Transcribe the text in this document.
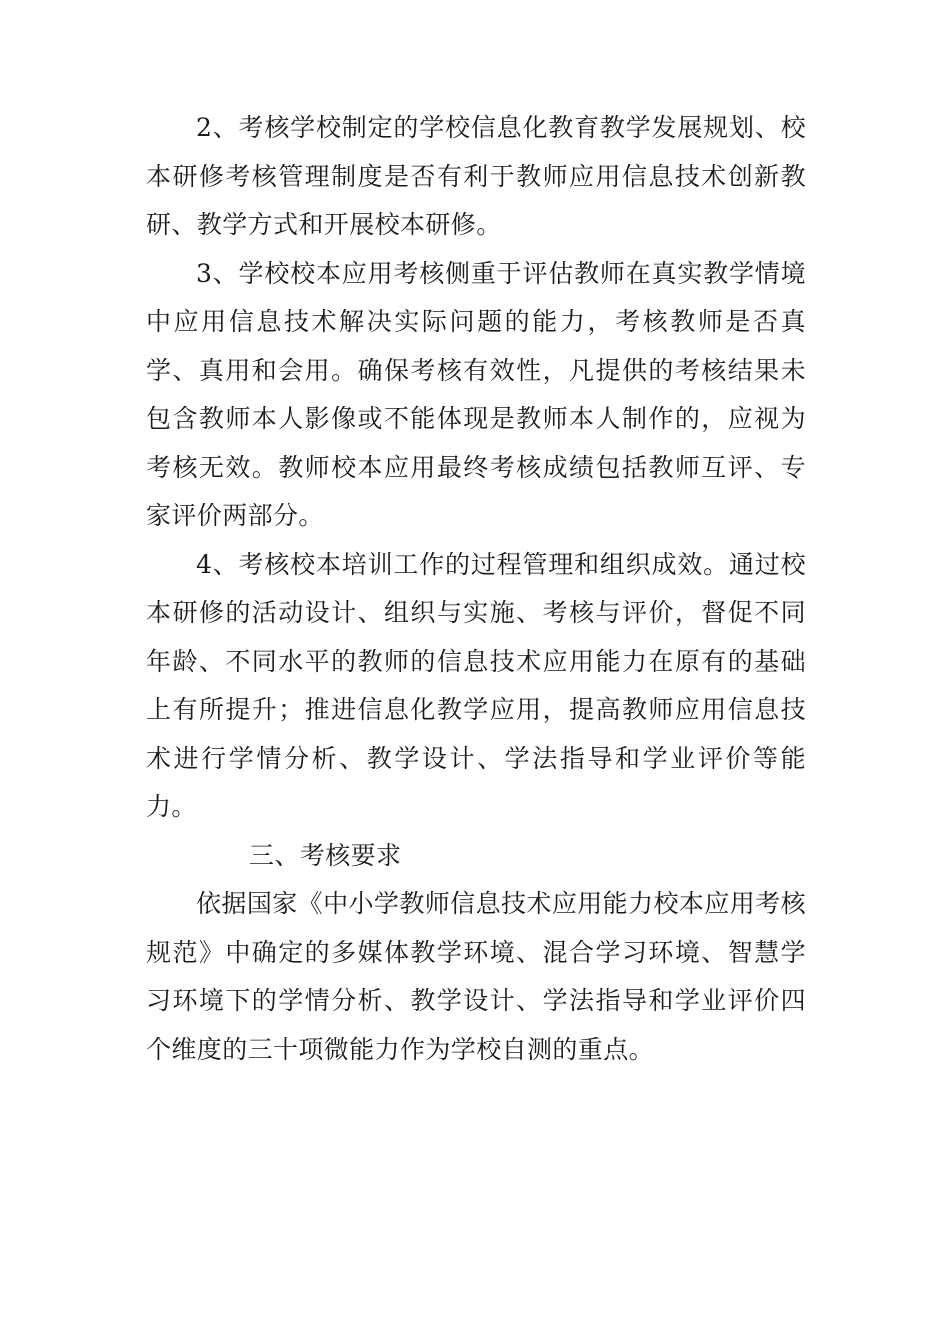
2、考核学校制定的学校信息化教育教学发展规划、校本研修考核管理制度是否有利于教师应用信息技术创新教研、教学方式和开展校本研修。

3、学校校本应用考核侧重于评估教师在真实教学情境中应用信息技术解决实际问题的能力，考核教师是否真学、真用和会用。确保考核有效性，凡提供的考核结果未包含教师本人影像或不能体现是教师本人制作的，应视为考核无效。教师校本应用最终考核成绩包括教师互评、专家评价两部分。

4、考核校本培训工作的过程管理和组织成效。通过校本研修的活动设计、组织与实施、考核与评价，督促不同年龄、不同水平的教师的信息技术应用能力在原有的基础上有所提升；推进信息化教学应用，提高教师应用信息技术进行学情分析、教学设计、学法指导和学业评价等能力。

三、考核要求

依据国家《中小学教师信息技术应用能力校本应用考核规范》中确定的多媒体教学环境、混合学习环境、智慧学习环境下的学情分析、教学设计、学法指导和学业评价四个维度的三十项微能力作为学校自测的重点。
